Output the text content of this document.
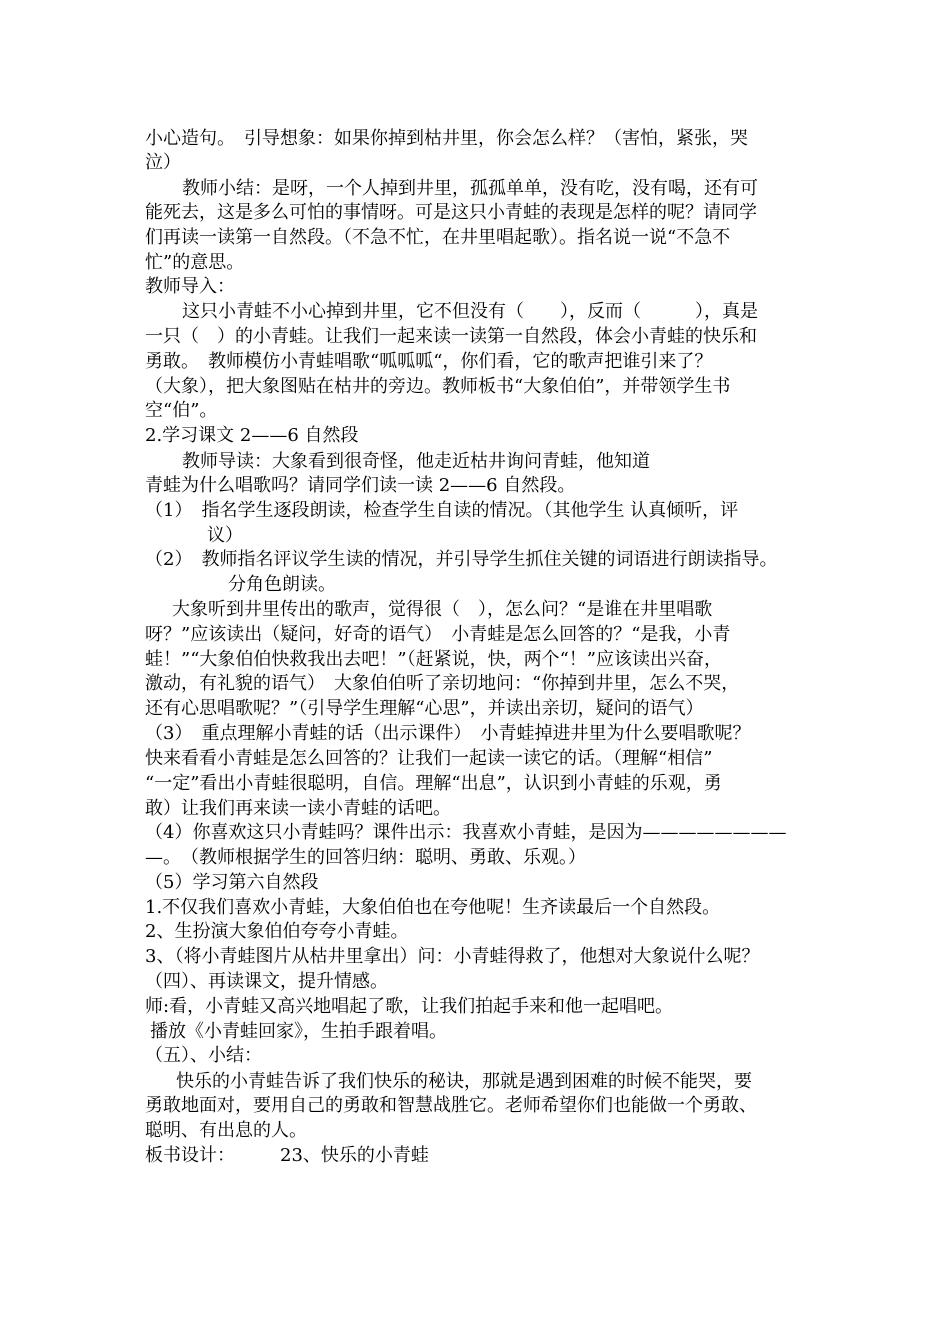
小心造句。　引导想象：如果你掉到枯井里，你会怎么样？（害怕，紧张，哭
泣）
教师小结：是呀，一个人掉到井里，孤孤单单，没有吃，没有喝，还有可
能死去，这是多么可怕的事情呀。可是这只小青蛙的表现是怎样的呢？请同学
们再读一读第一自然段。（不急不忙，在井里唱起歌）。指名说一说“不急不
忙”的意思。
教师导入：
这只小青蛙不小心掉到井里，它不但没有（　　），反而（　　　），真是
一只（　）的小青蛙。让我们一起来读一读第一自然段，体会小青蛙的快乐和
勇敢。　教师模仿小青蛙唱歌“呱呱呱“，你们看，它的歌声把谁引来了？
（大象），把大象图贴在枯井的旁边。教师板书“大象伯伯”，并带领学生书
空“伯”。
2.学习课文 2——6 自然段
教师导读：大象看到很奇怪，他走近枯井询问青蛙，他知道
青蛙为什么唱歌吗？请同学们读一读 2——6 自然段。
（1）　指名学生逐段朗读，检查学生自读的情况。（其他学生 认真倾听，评
议）
（2）　教师指名评议学生读的情况，并引导学生抓住关键的词语进行朗读指导。
分角色朗读。
大象听到井里传出的歌声，觉得很（　），怎么问？“是谁在井里唱歌
呀？”应该读出（疑问，好奇的语气）　小青蛙是怎么回答的？“是我，小青
蛙！”“大象伯伯快救我出去吧！”（赶紧说，快，两个“！”应该读出兴奋，
激动，有礼貌的语气）　大象伯伯听了亲切地问：“你掉到井里，怎么不哭，
还有心思唱歌呢？”（引导学生理解“心思”，并读出亲切，疑问的语气）
（3）　重点理解小青蛙的话（出示课件）　小青蛙掉进井里为什么要唱歌呢？
快来看看小青蛙是怎么回答的？让我们一起读一读它的话。（理解“相信”
“一定”看出小青蛙很聪明，自信。理解“出息”，认识到小青蛙的乐观，勇
敢）让我们再来读一读小青蛙的话吧。
（4）你喜欢这只小青蛙吗？课件出示：我喜欢小青蛙，是因为————————
—。　（教师根据学生的回答归纳：聪明、勇敢、乐观。）
（5）学习第六自然段
1.不仅我们喜欢小青蛙，大象伯伯也在夸他呢！生齐读最后一个自然段。
2、生扮演大象伯伯夸夸小青蛙。
3、（将小青蛙图片从枯井里拿出）问：小青蛙得救了，他想对大象说什么呢？
（四）、再读课文，提升情感。
师:看，小青蛙又高兴地唱起了歌，让我们拍起手来和他一起唱吧。
播放《小青蛙回家》，生拍手跟着唱。
（五）、小结：
快乐的小青蛙告诉了我们快乐的秘诀，那就是遇到困难的时候不能哭，要
勇敢地面对，要用自己的勇敢和智慧战胜它。老师希望你们也能做一个勇敢、
聪明、有出息的人。
板书设计：　　　23、快乐的小青蛙
